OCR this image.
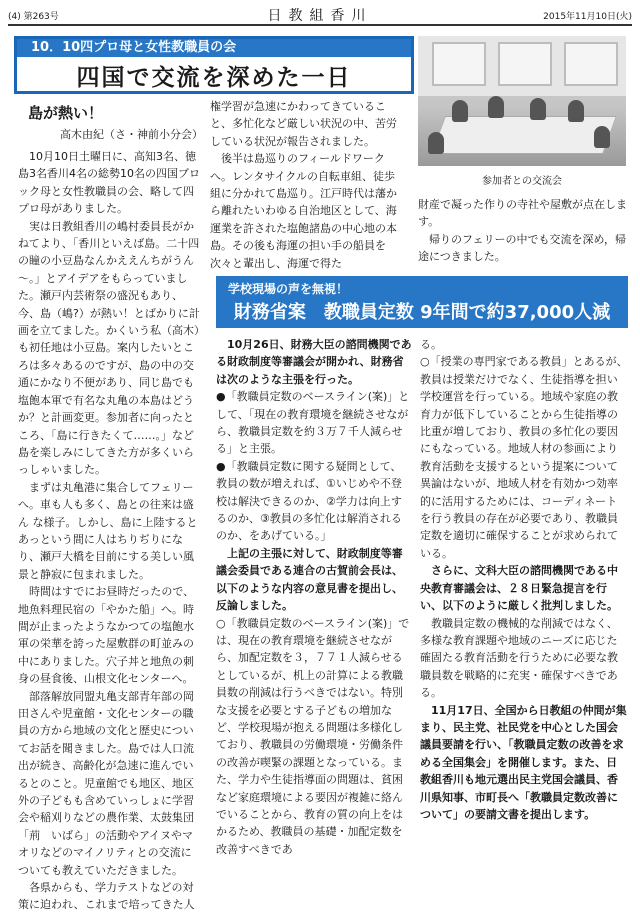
(4) 第263号	日教組香川	2015年11月10日(火)
10．10四プロ母と女性教職員の会
四国で交流を深めた一日
参加者との交流会
島が熱い！
高木由紀（さ・神前小分会）

　10月10日土曜日に、高知3名、徳島3名香川4名の総勢10名の四国ブロック母と女性教職員の会、略して四プロ母がありました。

　実は日教組香川の嶋村委員長がかねてより、「香川といえば島。二十四の瞳の小豆島なんかええんちがうん～。」とアイデアをもらっていました。瀬戸内芸術祭の盛況もあり、今、島（嶋?）が熱い！とばかりに計画を立てました。かくいう私（高木）も初任地は小豆島。案内したいところは多々あるのですが、島の中の交通にかなり不便があり、同じ島でも塩飽本軍で有名な丸亀の本島はどうか？と計画変更。参加者に向ったところ、「島に行きたくて……。」など島を楽しみにしてきた方が多くいらっしゃいました。

　まずは丸亀港に集合してフェリーへ。車も人も多く、島との往来は盛ん な様子。しかし、島に上陸するとあっという間に人はちりぢりになり、瀬戸大橋を目前にする美しい風景と静寂に包まれました。

　時間はすでにお昼時だったので、地魚料理民宿の「やかた船」へ。時間が止まったようなかつての塩飽水軍の栄華を誇った屋敷群の町並みの中にありました。穴子丼と地魚の刺身の昼食後、山根文化センターへ。

　部落解放同盟丸亀支部青年部の岡田さんや児童館・文化センターの職員の方から地域の文化と歴史についてお話を聞きました。島では人口流出が続き、高齢化が急速に進んでいるとのこと。児童館でも地区、地区外の子どもも含めていっしょに学習会や稲刈りなどの農作業、太鼓集団「荊　いばら」の活動やアイヌやマオリなどのマイノリティとの交流についても教えていただきました。

　各県からも、学力テストなどの対策に迫われ、これまで培ってきた人

権学習が急速にかわってきていること、多忙化など厳しい状況の中、苦労している状況が報告されました。

　後半は島巡りのフィールドワークへ。レンタサイクルの自転車組、徒歩組に分かれて島巡り。江戸時代は藩から離れたいわゆる自治地区として、海運業を許された塩飽諸島の中心地の本島。その後も海運の担い手の船員を次々と輩出し、海運で得た

財産で凝った作りの寺社や屋敷が点在します。

　帰りのフェリーの中でも交流を深め，帰途につきました。

学校現場の声を無視！
財務省案　教職員定数 9年間で約37,000人減

　10月26日、財務大臣の諮問機関である財政制度等審議会が開かれ、財務省は次のような主張を行った。

●「教職員定数のベースライン(案)」として、「現在の教育環境を継続させながら、教職員定数を約３万７千人減らせる」と主張。

●「教職員定数に関する疑問として、教員の数が増えれば、①いじめや不登校は解決できるのか、②学力は向上するのか、③教員の多忙化は解消されるのか、をあげている。」

　上記の主張に対して、財政制度等審議会委員である連合の古賀前会長は、以下のような内容の意見書を提出し、反論しました。

○「教職員定数のベースライン(案)」では、現在の教育環境を継続させながら、加配定数を３，７７１人減らせるとしているが、机上の計算による教職員数の削減は行うべきではない。特別な支援を必要とする子どもの増加など、学校現場が抱える問題は多様化しており、教職員の労働環境・労働条件の改善が喫緊の課題となっている。また、学力や生徒指導面の問題は、貧困など家庭環境による要因が複雑に絡んでいることから、教育の質の向上をはかるため、教職員の基礎・加配定数を改善すべきであ

る。

○「授業の専門家である教員」とあるが、教員は授業だけでなく、生徒指導を担い学校運営を行っている。地域や家庭の教育力が低下していることから生徒指導の比重が増しており、教員の多忙化の要因にもなっている。地域人材の参画により教育活動を支援するという提案について異論はないが、地域人材を有効かつ効率的に活用するためには、コーディネートを行う教員の存在が必要であり、教職員定数を適切に確保することが求められている。

　さらに、文科大臣の諮問機関である中央教育審議会は、２８日緊急提言を行い、以下のように厳しく批判しました。

　教職員定数の機械的な削減ではなく、多様な教育課題や地域のニーズに応じた確固たる教育活動を行うために必要な教職員数を戦略的に充実・確保すべきである。

　11月17日、全国から日教組の仲間が集まり、民主党、社民党を中心とした国会議員要請を行い、「教職員定数の改善を求める全国集会」を開催します。また、日教組香川も地元選出民主党国会議員、香川県知事、市町長へ「教職員定数改善について」の要請文書を提出します。
